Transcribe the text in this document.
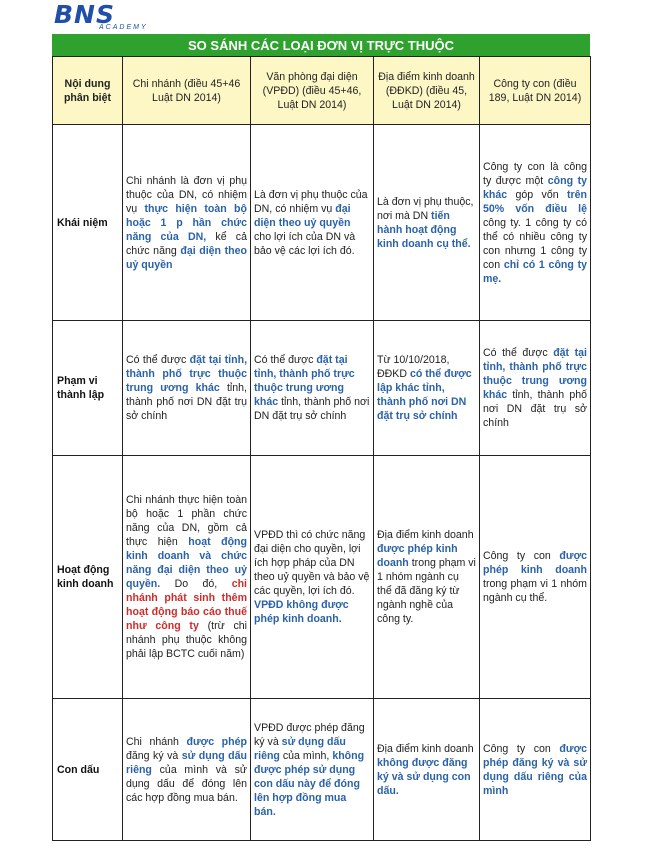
BNS
ACADEMY
SO SÁNH CÁC LOẠI ĐƠN VỊ TRỰC THUỘC
Nội dung phân biệt	Chi nhánh (điều 45+46 Luật DN 2014)	Văn phòng đại diện (VPĐD) (điều 45+46, Luật DN 2014)	Địa điểm kinh doanh (ĐĐKD) (điều 45, Luật DN 2014)	Công ty con (điều 189, Luật DN 2014)
Khái niệm	Chi nhánh là đơn vị phụ thuộc của DN, có nhiệm vụ thực hiện toàn bộ hoặc 1 p hần chức năng của DN, kể cả chức năng đại diện theo uỷ quyền	Là đơn vị phụ thuộc của DN, có nhiệm vụ đại diện theo uỷ quyền cho lợi ích của DN và bảo vệ các lợi ích đó.	Là đơn vị phụ thuộc, nơi mà DN tiến hành hoạt động kinh doanh cụ thể.	Công ty con là công ty được một công ty khác góp vốn trên 50% vốn điều lệ công ty. 1 công ty có thể có nhiều công ty con nhưng 1 công ty con chỉ có 1 công ty mẹ.
Phạm vi thành lập	Có thể được đặt tại tỉnh, thành phố trực thuộc trung ương khác tỉnh, thành phố nơi DN đặt trụ sở chính	Có thể được đặt tại tỉnh, thành phố trực thuộc trung ương khác tỉnh, thành phố nơi DN đặt trụ sở chính	Từ 10/10/2018, ĐĐKD có thể được lập khác tỉnh, thành phố nơi DN đặt trụ sở chính	Có thể được đặt tại tỉnh, thành phố trực thuộc trung ương khác tỉnh, thành phố nơi DN đặt trụ sở chính
Hoạt động kinh doanh	Chi nhánh thực hiện toàn bộ hoặc 1 phần chức năng của DN, gồm cả thực hiện hoạt động kinh doanh và chức năng đại diện theo uỷ quyền. Do đó, chi nhánh phát sinh thêm hoạt động báo cáo thuế như công ty (trừ chi nhánh phụ thuộc không phải lập BCTC cuối năm)	VPĐD thì có chức năng đại diện cho quyền, lợi ích hợp pháp của DN theo uỷ quyền và bảo vệ các quyền, lợi ích đó. VPĐD không được phép kinh doanh.	Địa điểm kinh doanh được phép kinh doanh trong phạm vi 1 nhóm ngành cụ thể đã đăng ký từ ngành nghề của công ty.	Công ty con được phép kinh doanh trong phạm vi 1 nhóm ngành cụ thể.
Con dấu	Chi nhánh được phép đăng ký và sử dụng dấu riêng của mình và sử dụng dấu để đóng lên các hợp đồng mua bán.	VPĐD được phép đăng ký và sử dụng dấu riêng của mình, không được phép sử dụng con dấu này để đóng lên hợp đồng mua bán.	Địa điểm kinh doanh không được đăng ký và sử dụng con dấu.	Công ty con được phép đăng ký và sử dụng dấu riêng của mình
